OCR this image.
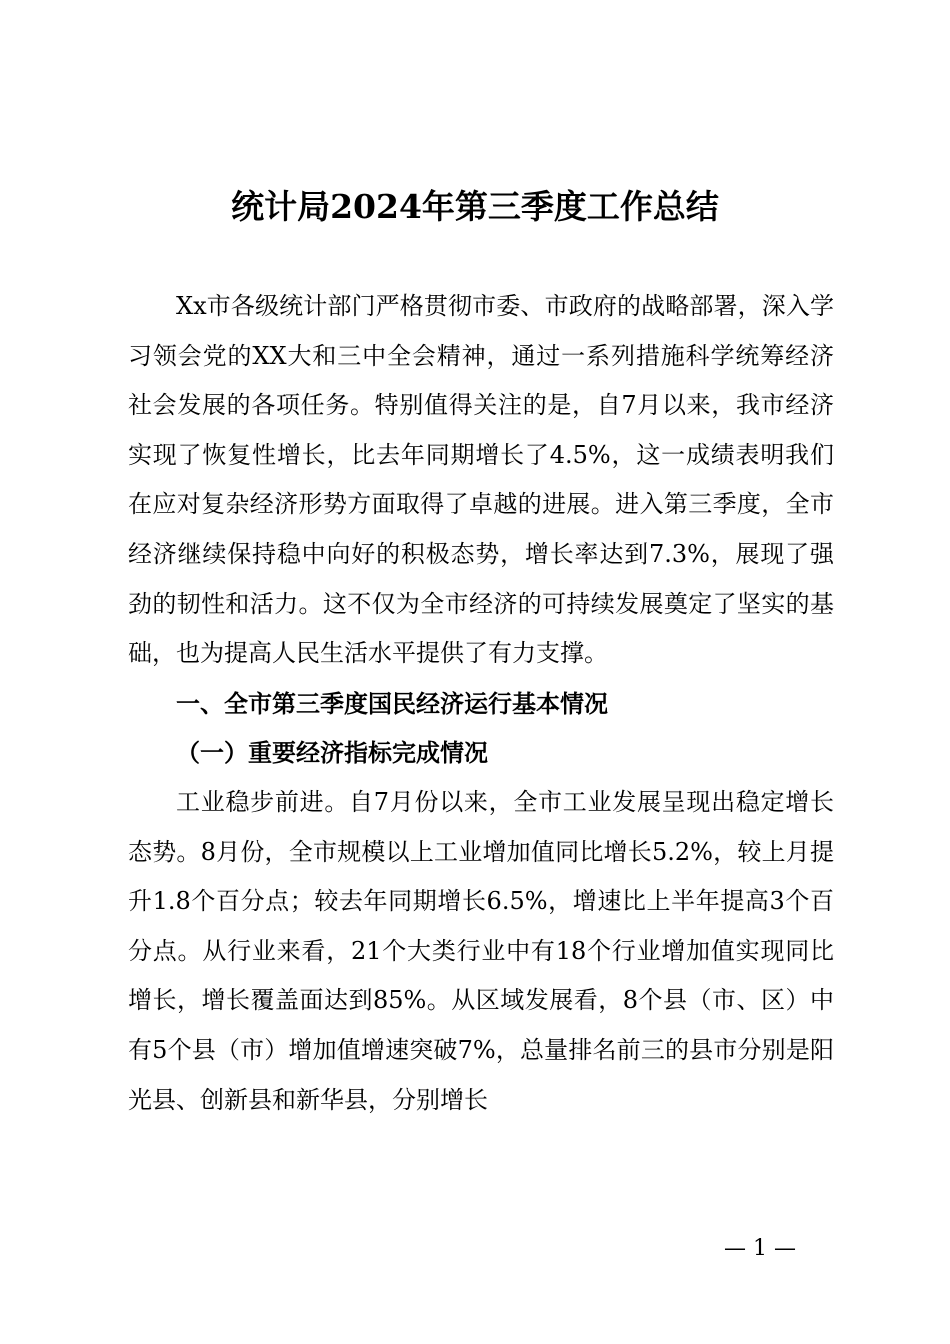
统计局2024年第三季度工作总结

Xx市各级统计部门严格贯彻市委、市政府的战略部署，深入学习领会党的XX大和三中全会精神，通过一系列措施科学统筹经济社会发展的各项任务。特别值得关注的是，自7月以来，我市经济实现了恢复性增长，比去年同期增长了4.5%，这一成绩表明我们在应对复杂经济形势方面取得了卓越的进展。进入第三季度，全市经济继续保持稳中向好的积极态势，增长率达到7.3%，展现了强劲的韧性和活力。这不仅为全市经济的可持续发展奠定了坚实的基础，也为提高人民生活水平提供了有力支撑。

一、全市第三季度国民经济运行基本情况

（一）重要经济指标完成情况

工业稳步前进。自7月份以来，全市工业发展呈现出稳定增长态势。8月份，全市规模以上工业增加值同比增长5.2%，较上月提升1.8个百分点；较去年同期增长6.5%，增速比上半年提高3个百分点。从行业来看，21个大类行业中有18个行业增加值实现同比增长，增长覆盖面达到85%。从区域发展看，8个县（市、区）中有5个县（市）增加值增速突破7%，总量排名前三的县市分别是阳光县、创新县和新华县，分别增长

— 1 —
